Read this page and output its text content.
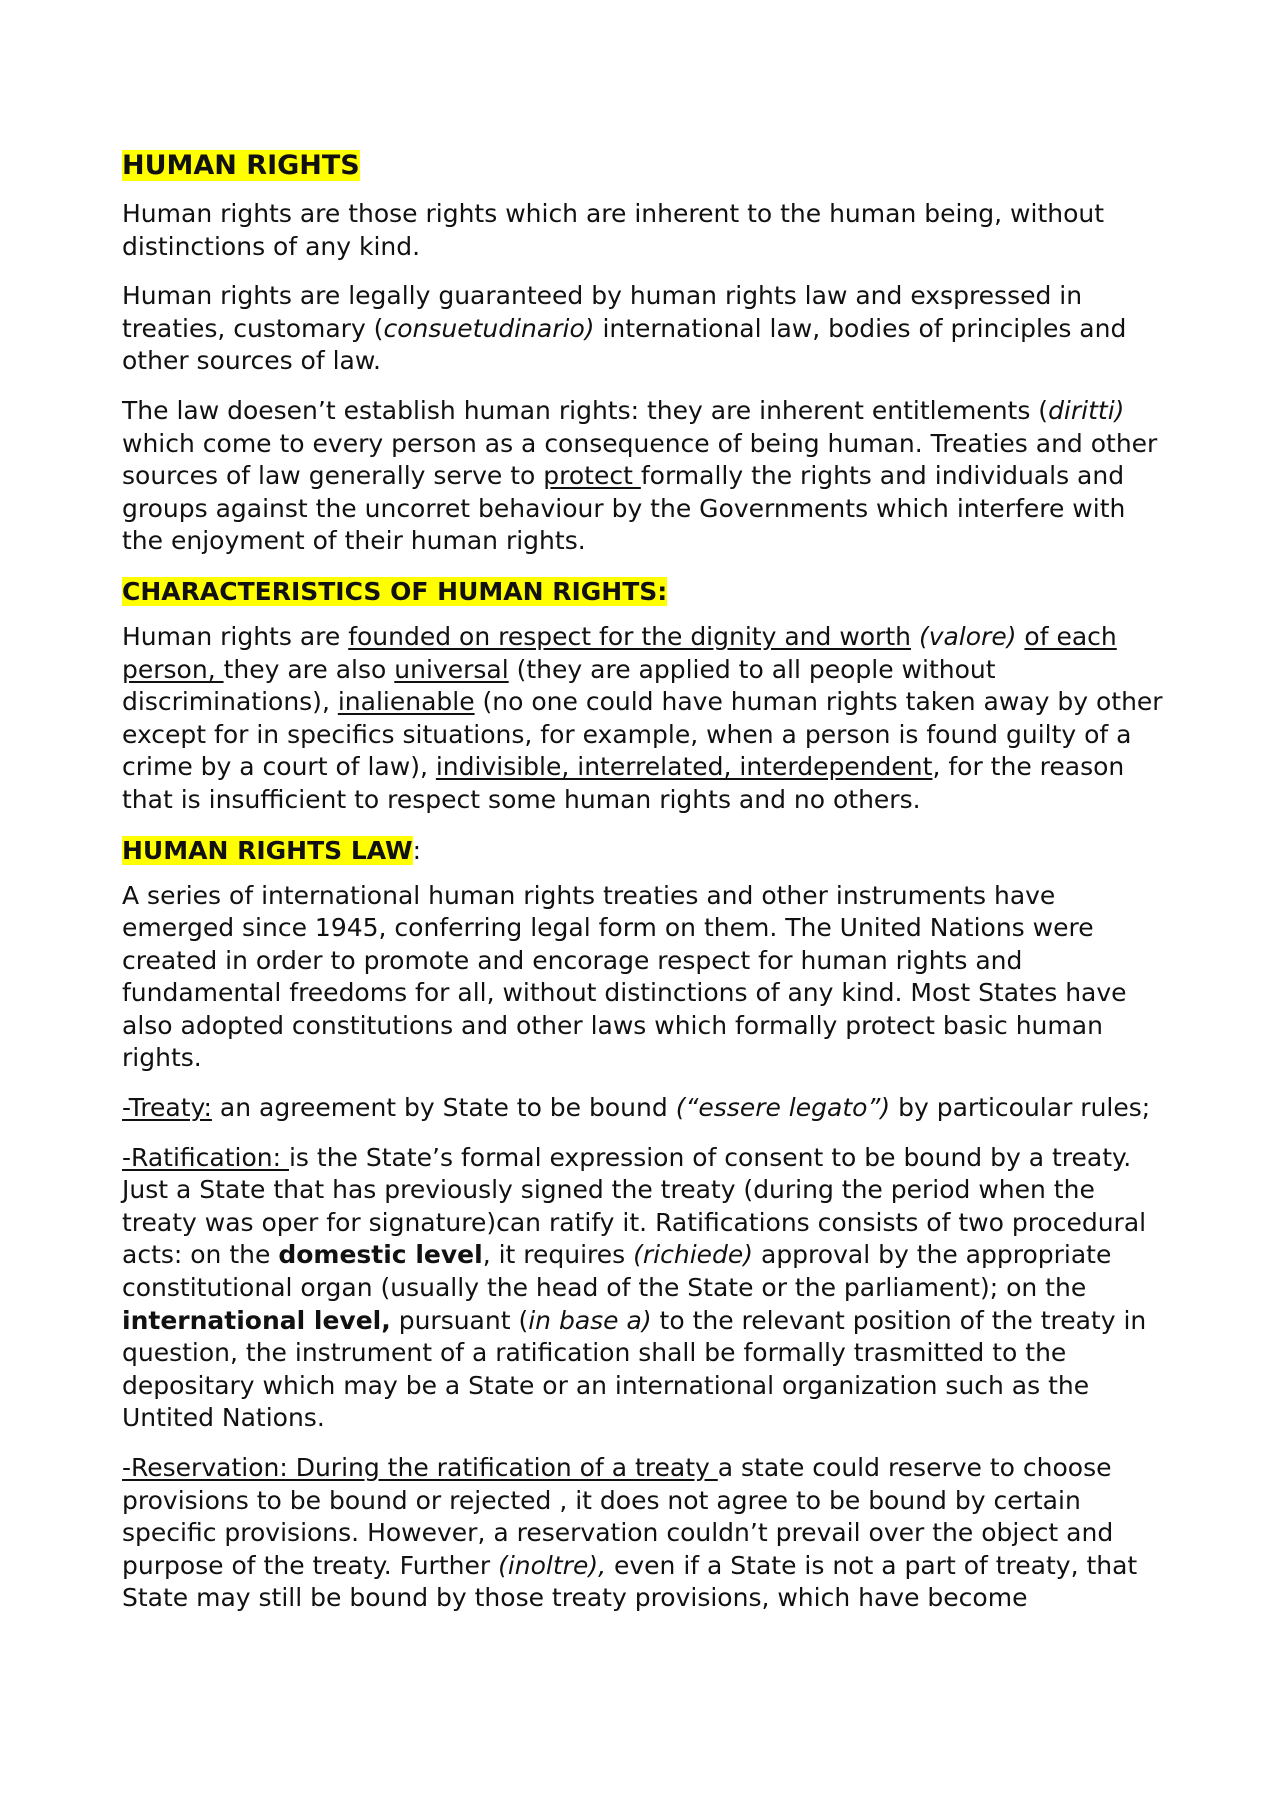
HUMAN RIGHTS

Human rights are those rights which are inherent to the human being, without distinctions of any kind.

Human rights are legally guaranteed by human rights law and exspressed in treaties, customary (consuetudinario) international law, bodies of principles and other sources of law.

The law doesen’t establish human rights: they are inherent entitlements (diritti) which come to every person as a consequence of being human. Treaties and other sources of law generally serve to protect formally the rights and individuals and groups against the uncorret behaviour by the Governments which interfere with the enjoyment of their human rights.

CHARACTERISTICS OF HUMAN RIGHTS:

Human rights are founded on respect for the dignity and worth (valore) of each person, they are also universal (they are applied to all people without discriminations), inalienable (no one could have human rights taken away by other except for in specifics situations, for example, when a person is found guilty of a crime by a court of law), indivisible, interrelated, interdependent, for the reason that is insufficient to respect some human rights and no others.

HUMAN RIGHTS LAW:

A series of international human rights treaties and other instruments have emerged since 1945, conferring legal form on them. The United Nations were created in order to promote and encorage respect for human rights and fundamental freedoms for all, without distinctions of any kind. Most States have also adopted constitutions and other laws which formally protect basic human rights.

-Treaty: an agreement by State to be bound (“essere legato”) by particoular rules;

-Ratification: is the State’s formal expression of consent to be bound by a treaty. Just a State that has previously signed the treaty (during the period when the treaty was oper for signature)can ratify it. Ratifications consists of two procedural acts: on the domestic level, it requires (richiede) approval by the appropriate constitutional organ (usually the head of the State or the parliament); on the international level, pursuant (in base a) to the relevant position of the treaty in question, the instrument of a ratification shall be formally trasmitted to the depositary which may be a State or an international organization such as the Untited Nations.

-Reservation: During the ratification of a treaty a state could reserve to choose provisions to be bound or rejected , it does not agree to be bound by certain specific provisions. However, a reservation couldn’t prevail over the object and purpose of the treaty. Further (inoltre), even if a State is not a part of treaty, that State may still be bound by those treaty provisions, which have become
